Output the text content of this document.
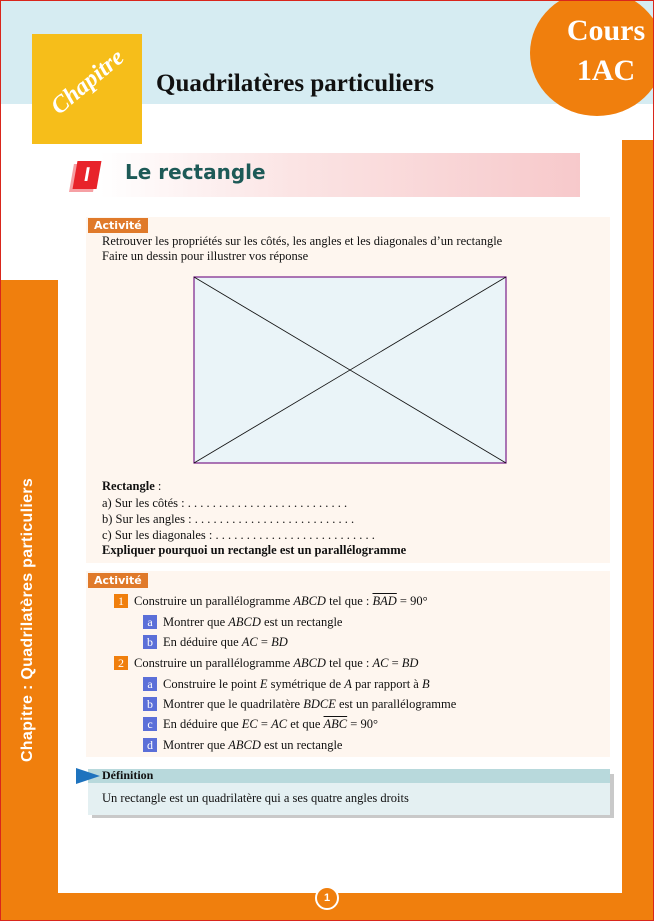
Chapitre : Quadrilatères particuliers
Chapitre Quadrilatères particuliers
Cours
1AC
I	Le rectangle
Activité
Retrouver les propriétés sur les côtés, les angles et les diagonales d’un rectangle
Faire un dessin pour illustrer vos réponse
Rectangle :
a) Sur les côtés : . . . . . . . . . . . . . . . . . . . . . . . . . .
b) Sur les angles : . . . . . . . . . . . . . . . . . . . . . . . . . .
c) Sur les diagonales : . . . . . . . . . . . . . . . . . . . . . . . . . .
Expliquer pourquoi un rectangle est un parallélogramme
Activité
1 Construire un parallélogramme ABCD tel que : $\overline{BAD} = 90^\circ$
a Montrer que ABCD est un rectangle
b En déduire que AC = BD
2 Construire un parallélogramme ABCD tel que : AC = BD
a Construire le point E symétrique de A par rapport à B
b Montrer que le quadrilatère BDCE est un parallélogramme
c En déduire que EC = AC et que $\overline{ABC} = 90^\circ$
d Montrer que ABCD est un rectangle
Définition
Un rectangle est un quadrilatère qui a ses quatre angles droits
1
